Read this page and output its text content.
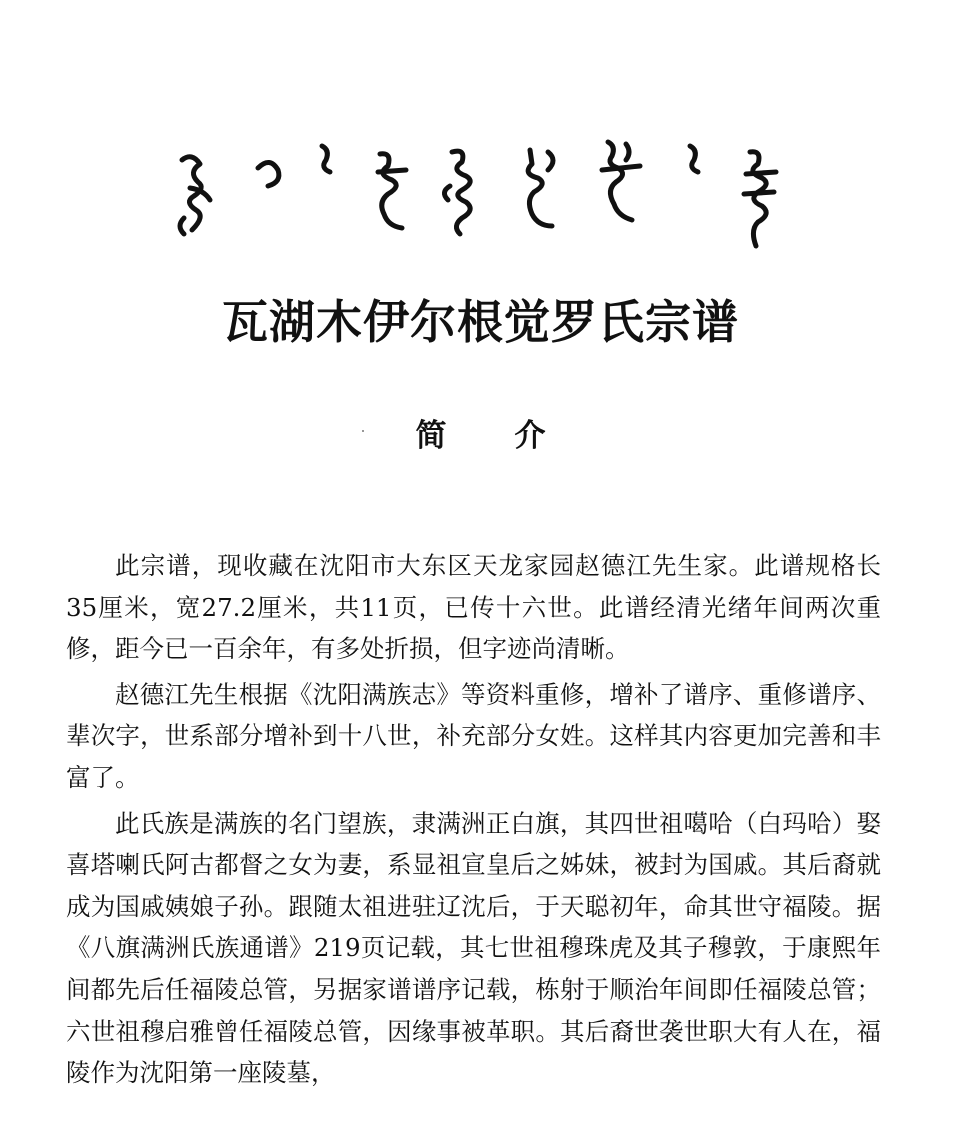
瓦湖木伊尔根觉罗氏宗谱
简介

此宗谱，现收藏在沈阳市大东区天龙家园赵德江先生家。此谱规格长35厘米，宽27.2厘米，共11页，已传十六世。此谱经清光绪年间两次重修，距今已一百余年，有多处折损，但字迹尚清晰。

赵德江先生根据《沈阳满族志》等资料重修，增补了谱序、重修谱序、辈次字，世系部分增补到十八世，补充部分女姓。这样其内容更加完善和丰富了。

此氏族是满族的名门望族，隶满洲正白旗，其四世祖噶哈（白玛哈）娶喜塔喇氏阿古都督之女为妻，系显祖宣皇后之姊妹，被封为国戚。其后裔就成为国戚姨娘子孙。跟随太祖进驻辽沈后，于天聪初年，命其世守福陵。据《八旗满洲氏族通谱》219页记载，其七世祖穆珠虎及其子穆敦，于康熙年间都先后任福陵总管，另据家谱谱序记载，栋射于顺治年间即任福陵总管；六世祖穆启雅曾任福陵总管，因缘事被革职。其后裔世袭世职大有人在，福陵作为沈阳第一座陵墓，
